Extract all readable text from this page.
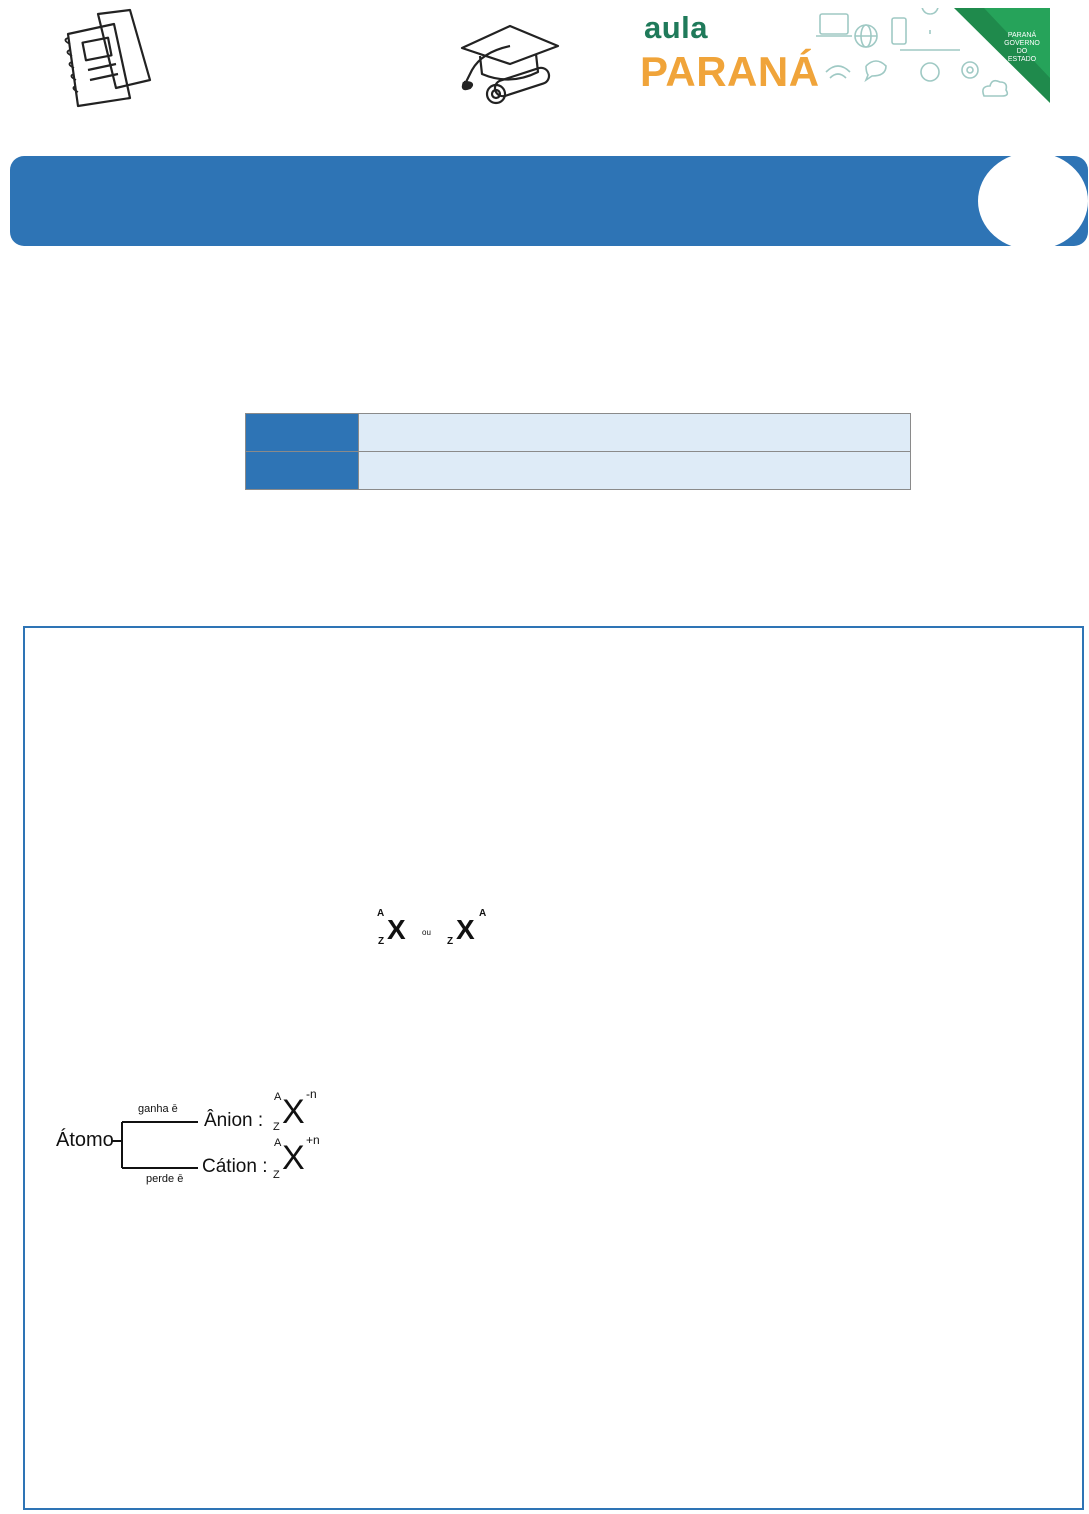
aula
PARANÁ
PARANÁ GOVERNO DO ESTADO

A
Z X ou
Z X
A
Átomo
ganha ē
perde ē
Ânion :
A
Z X -n
Cátion :
A
Z X +n
